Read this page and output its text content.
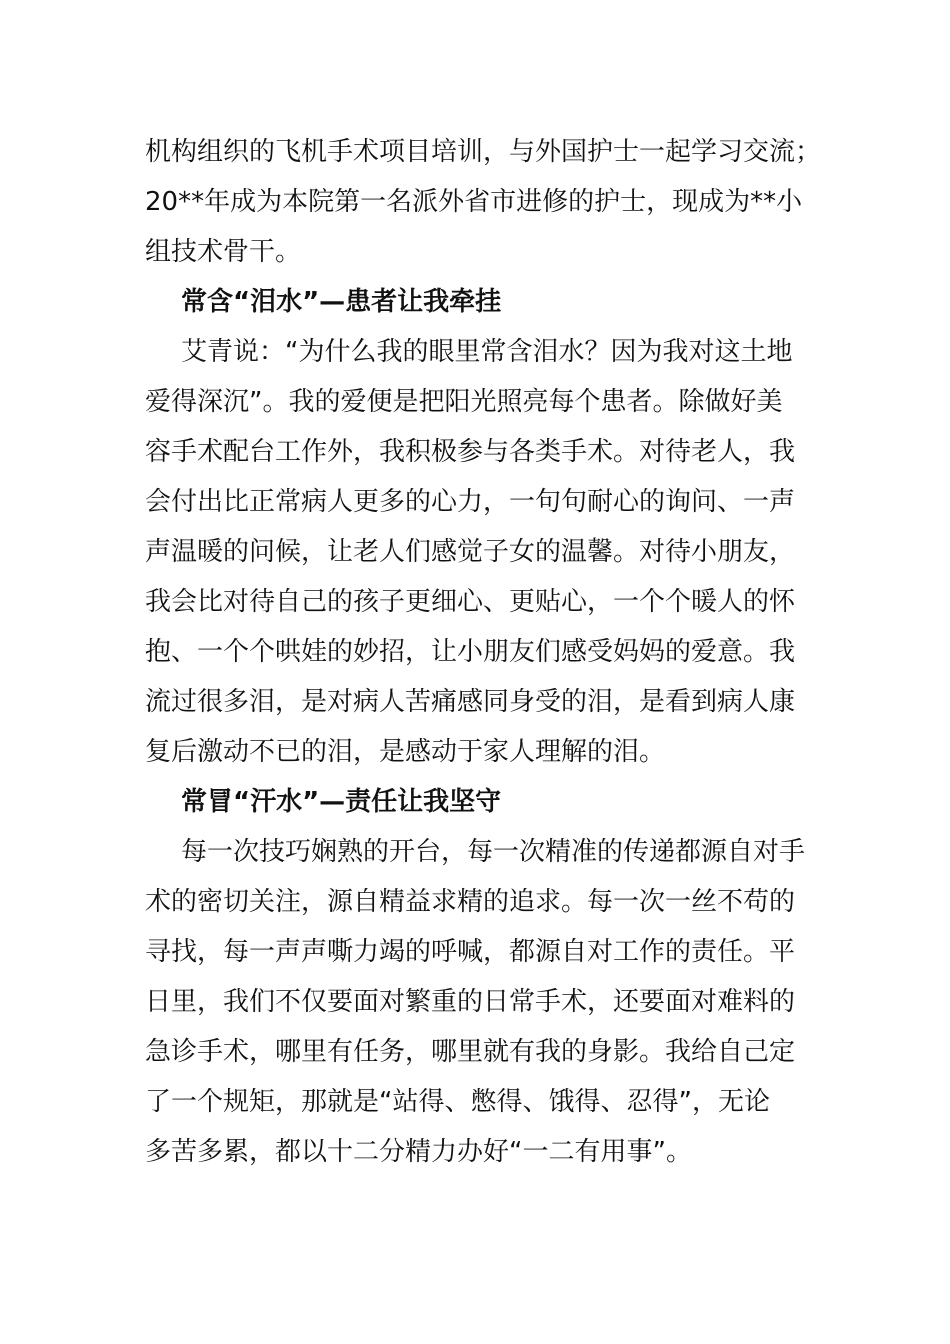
机构组织的飞机手术项目培训，与外国护士一起学习交流；

20**年成为本院第一名派外省市进修的护士，现成为**小

组技术骨干。

常含“泪水”—患者让我牵挂

艾青说：“为什么我的眼里常含泪水？因为我对这土地

爱得深沉”。我的爱便是把阳光照亮每个患者。除做好美

容手术配台工作外，我积极参与各类手术。对待老人，我

会付出比正常病人更多的心力，一句句耐心的询问、一声

声温暖的问候，让老人们感觉子女的温馨。对待小朋友，

我会比对待自己的孩子更细心、更贴心，一个个暖人的怀

抱、一个个哄娃的妙招，让小朋友们感受妈妈的爱意。我

流过很多泪，是对病人苦痛感同身受的泪，是看到病人康

复后激动不已的泪，是感动于家人理解的泪。

常冒“汗水”—责任让我坚守

每一次技巧娴熟的开台，每一次精准的传递都源自对手

术的密切关注，源自精益求精的追求。每一次一丝不苟的

寻找，每一声声嘶力竭的呼喊，都源自对工作的责任。平

日里，我们不仅要面对繁重的日常手术，还要面对难料的

急诊手术，哪里有任务，哪里就有我的身影。我给自己定

了一个规矩，那就是“站得、憋得、饿得、忍得”，无论

多苦多累，都以十二分精力办好“一二有用事”。
